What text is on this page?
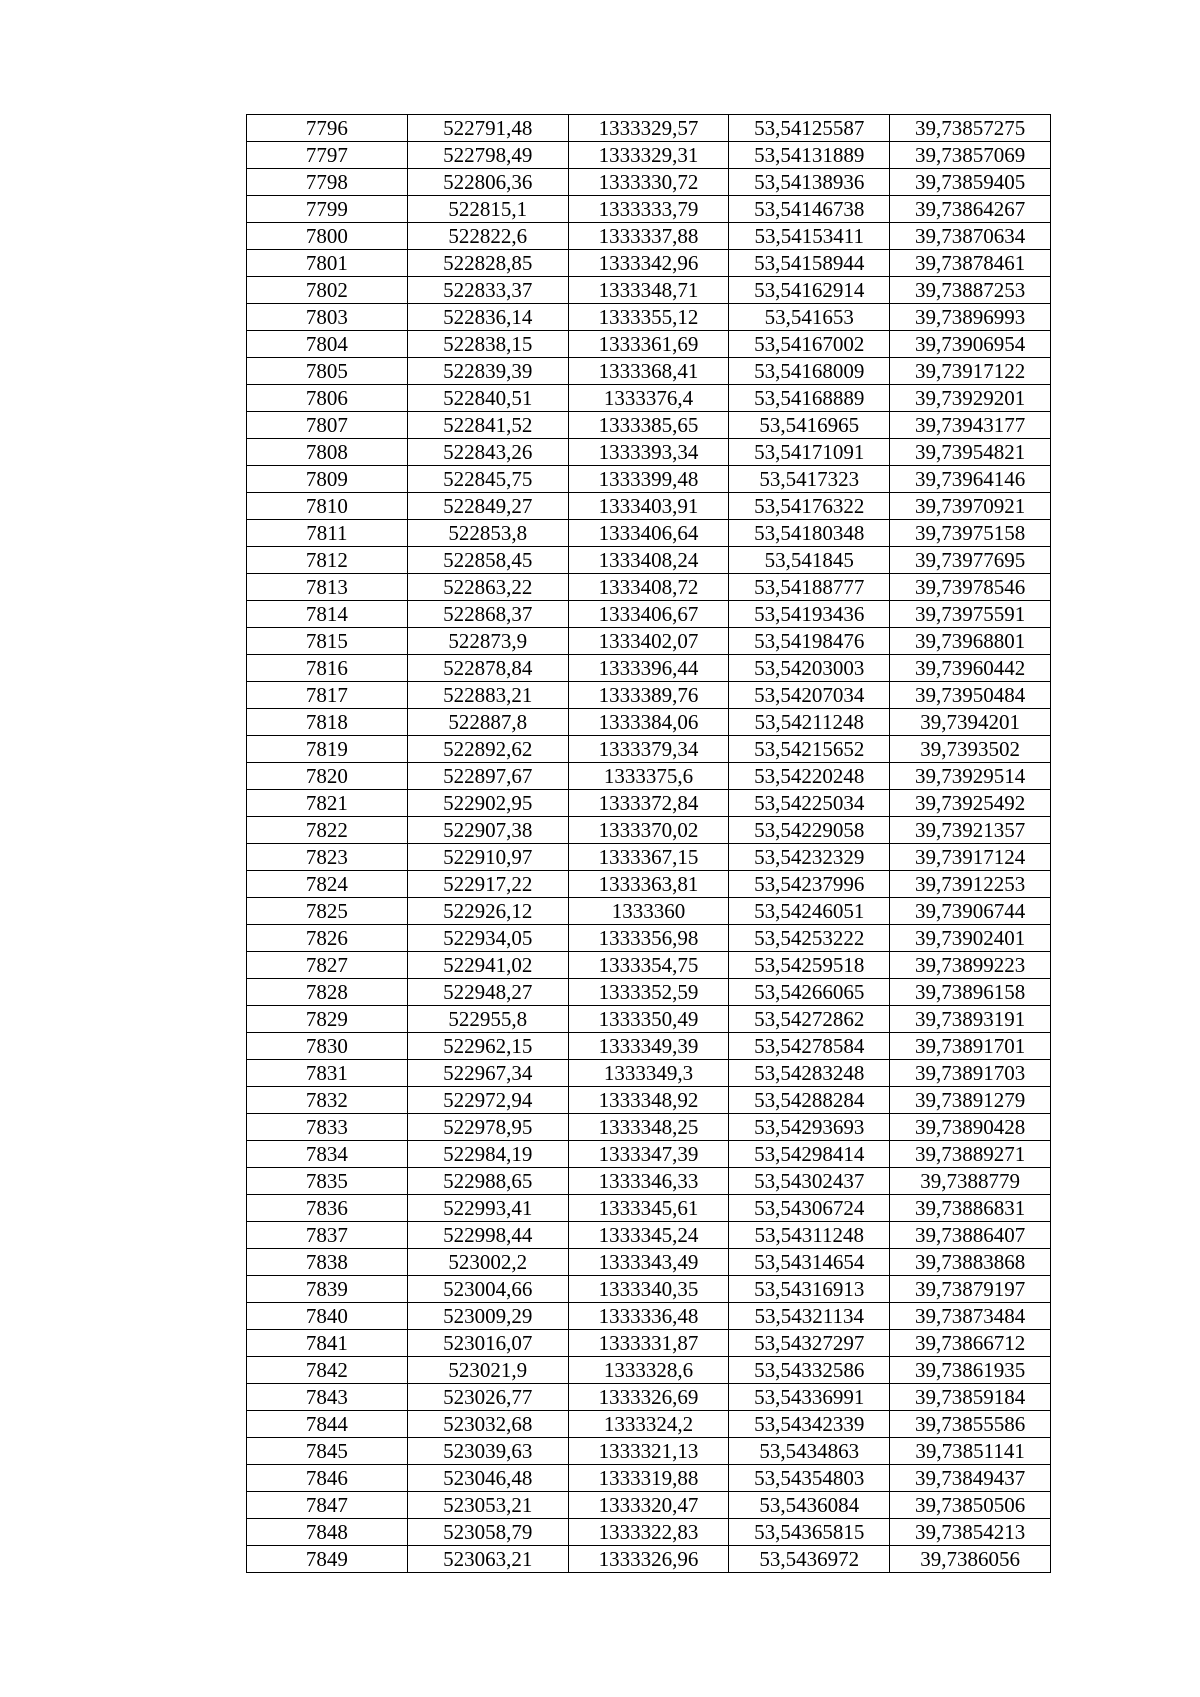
7796	522791,48	1333329,57	53,54125587	39,73857275
7797	522798,49	1333329,31	53,54131889	39,73857069
7798	522806,36	1333330,72	53,54138936	39,73859405
7799	522815,1	1333333,79	53,54146738	39,73864267
7800	522822,6	1333337,88	53,54153411	39,73870634
7801	522828,85	1333342,96	53,54158944	39,73878461
7802	522833,37	1333348,71	53,54162914	39,73887253
7803	522836,14	1333355,12	53,541653	39,73896993
7804	522838,15	1333361,69	53,54167002	39,73906954
7805	522839,39	1333368,41	53,54168009	39,73917122
7806	522840,51	1333376,4	53,54168889	39,73929201
7807	522841,52	1333385,65	53,5416965	39,73943177
7808	522843,26	1333393,34	53,54171091	39,73954821
7809	522845,75	1333399,48	53,5417323	39,73964146
7810	522849,27	1333403,91	53,54176322	39,73970921
7811	522853,8	1333406,64	53,54180348	39,73975158
7812	522858,45	1333408,24	53,541845	39,73977695
7813	522863,22	1333408,72	53,54188777	39,73978546
7814	522868,37	1333406,67	53,54193436	39,73975591
7815	522873,9	1333402,07	53,54198476	39,73968801
7816	522878,84	1333396,44	53,54203003	39,73960442
7817	522883,21	1333389,76	53,54207034	39,73950484
7818	522887,8	1333384,06	53,54211248	39,7394201
7819	522892,62	1333379,34	53,54215652	39,7393502
7820	522897,67	1333375,6	53,54220248	39,73929514
7821	522902,95	1333372,84	53,54225034	39,73925492
7822	522907,38	1333370,02	53,54229058	39,73921357
7823	522910,97	1333367,15	53,54232329	39,73917124
7824	522917,22	1333363,81	53,54237996	39,73912253
7825	522926,12	1333360	53,54246051	39,73906744
7826	522934,05	1333356,98	53,54253222	39,73902401
7827	522941,02	1333354,75	53,54259518	39,73899223
7828	522948,27	1333352,59	53,54266065	39,73896158
7829	522955,8	1333350,49	53,54272862	39,73893191
7830	522962,15	1333349,39	53,54278584	39,73891701
7831	522967,34	1333349,3	53,54283248	39,73891703
7832	522972,94	1333348,92	53,54288284	39,73891279
7833	522978,95	1333348,25	53,54293693	39,73890428
7834	522984,19	1333347,39	53,54298414	39,73889271
7835	522988,65	1333346,33	53,54302437	39,7388779
7836	522993,41	1333345,61	53,54306724	39,73886831
7837	522998,44	1333345,24	53,54311248	39,73886407
7838	523002,2	1333343,49	53,54314654	39,73883868
7839	523004,66	1333340,35	53,54316913	39,73879197
7840	523009,29	1333336,48	53,54321134	39,73873484
7841	523016,07	1333331,87	53,54327297	39,73866712
7842	523021,9	1333328,6	53,54332586	39,73861935
7843	523026,77	1333326,69	53,54336991	39,73859184
7844	523032,68	1333324,2	53,54342339	39,73855586
7845	523039,63	1333321,13	53,5434863	39,73851141
7846	523046,48	1333319,88	53,54354803	39,73849437
7847	523053,21	1333320,47	53,5436084	39,73850506
7848	523058,79	1333322,83	53,54365815	39,73854213
7849	523063,21	1333326,96	53,5436972	39,7386056
